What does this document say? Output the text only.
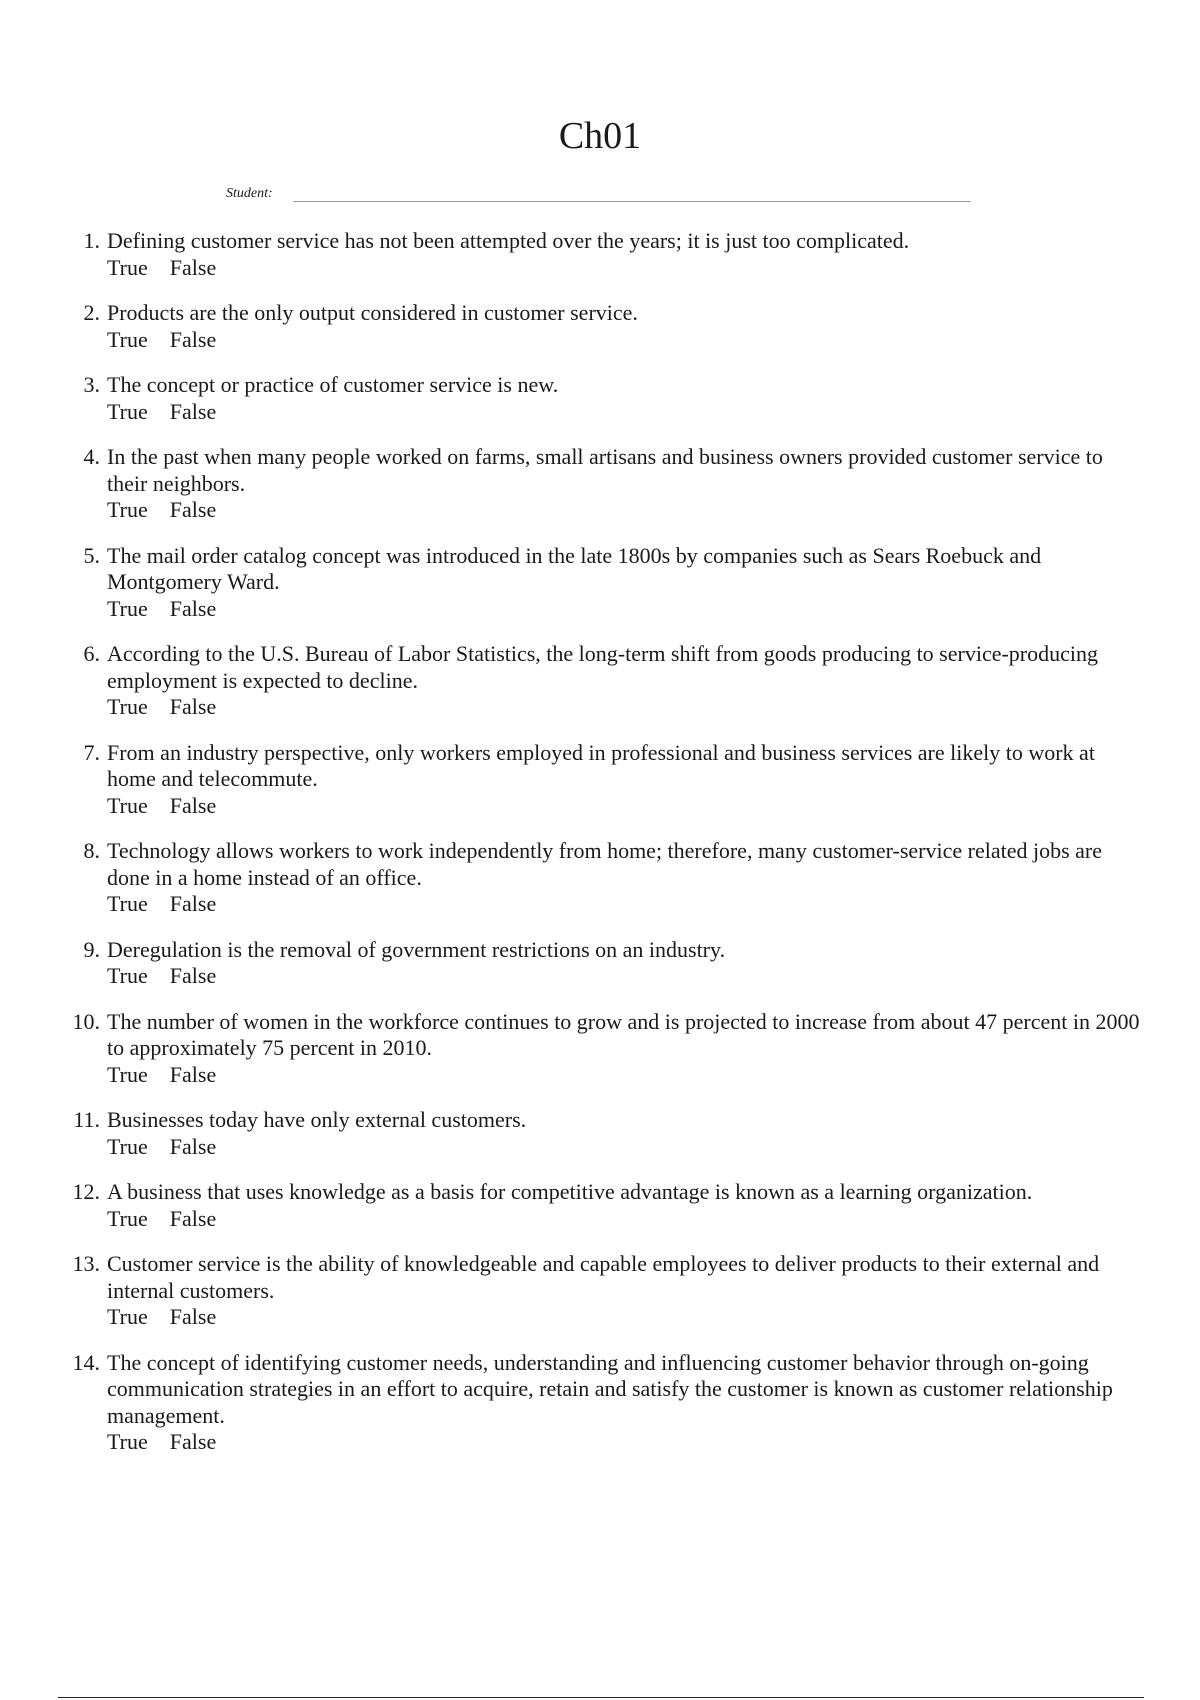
Ch01
Student:
1. Defining customer service has not been attempted over the years; it is just too complicated.
True False
2. Products are the only output considered in customer service.
True False
3. The concept or practice of customer service is new.
True False
4. In the past when many people worked on farms, small artisans and business owners provided customer service to their neighbors.
True False
5. The mail order catalog concept was introduced in the late 1800s by companies such as Sears Roebuck and Montgomery Ward.
True False
6. According to the U.S. Bureau of Labor Statistics, the long-term shift from goods producing to service-producing employment is expected to decline.
True False
7. From an industry perspective, only workers employed in professional and business services are likely to work at home and telecommute.
True False
8. Technology allows workers to work independently from home; therefore, many customer-service related jobs are done in a home instead of an office.
True False
9. Deregulation is the removal of government restrictions on an industry.
True False
10. The number of women in the workforce continues to grow and is projected to increase from about 47 percent in 2000 to approximately 75 percent in 2010.
True False
11. Businesses today have only external customers.
True False
12. A business that uses knowledge as a basis for competitive advantage is known as a learning organization.
True False
13. Customer service is the ability of knowledgeable and capable employees to deliver products to their external and internal customers.
True False
14. The concept of identifying customer needs, understanding and influencing customer behavior through on-going communication strategies in an effort to acquire, retain and satisfy the customer is known as customer relationship management.
True False
